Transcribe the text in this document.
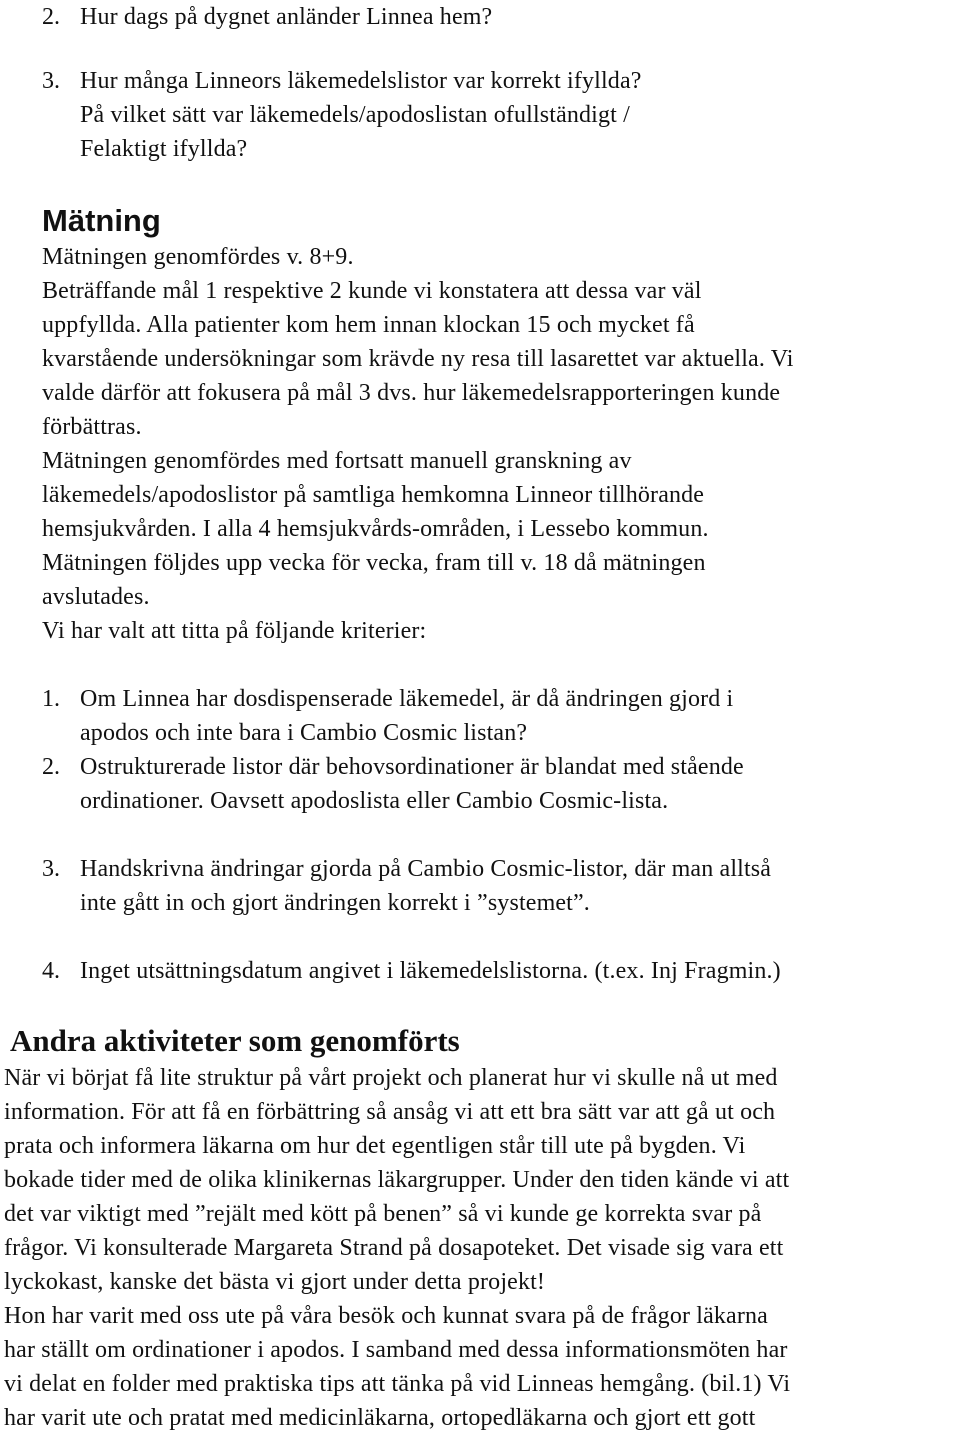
2. Hur dags på dygnet anländer Linnea hem?
3. Hur många Linneors läkemedelslistor var korrekt ifyllda?
På vilket sätt var läkemedels/apodoslistan ofullständigt /
Felaktigt ifyllda?
Mätning
Mätningen genomfördes v. 8+9.
Beträffande mål 1 respektive 2 kunde vi konstatera att dessa var väl
uppfyllda. Alla patienter kom hem innan klockan 15 och mycket få
kvarstående undersökningar som krävde ny resa till lasarettet var aktuella. Vi
valde därför att fokusera på mål 3 dvs. hur läkemedelsrapporteringen kunde
förbättras.
Mätningen genomfördes med fortsatt manuell granskning av
läkemedels/apodoslistor på samtliga hemkomna Linneor tillhörande
hemsjukvården. I alla 4 hemsjukvårds-områden, i Lessebo kommun.
Mätningen följdes upp vecka för vecka, fram till v. 18 då mätningen
avslutades.
Vi har valt att titta på följande kriterier:
1. Om Linnea har dosdispenserade läkemedel, är då ändringen gjord i
apodos och inte bara i Cambio Cosmic listan?
2. Ostrukturerade listor där behovsordinationer är blandat med stående
ordinationer. Oavsett apodoslista eller Cambio Cosmic-lista.
3. Handskrivna ändringar gjorda på Cambio Cosmic-listor, där man alltså
inte gått in och gjort ändringen korrekt i ”systemet”.
4. Inget utsättningsdatum angivet i läkemedelslistorna. (t.ex. Inj Fragmin.)
Andra aktiviteter som genomförts
När vi börjat få lite struktur på vårt projekt och planerat hur vi skulle nå ut med
information. För att få en förbättring så ansåg vi att ett bra sätt var att gå ut och
prata och informera läkarna om hur det egentligen står till ute på bygden. Vi
bokade tider med de olika klinikernas läkargrupper. Under den tiden kände vi att
det var viktigt med ”rejält med kött på benen” så vi kunde ge korrekta svar på
frågor. Vi konsulterade Margareta Strand på dosapoteket. Det visade sig vara ett
lyckokast, kanske det bästa vi gjort under detta projekt!
Hon har varit med oss ute på våra besök och kunnat svara på de frågor läkarna
har ställt om ordinationer i apodos. I samband med dessa informationsmöten har
vi delat en folder med praktiska tips att tänka på vid Linneas hemgång. (bil.1) Vi
har varit ute och pratat med medicinläkarna, ortopedläkarna och gjort ett gott
